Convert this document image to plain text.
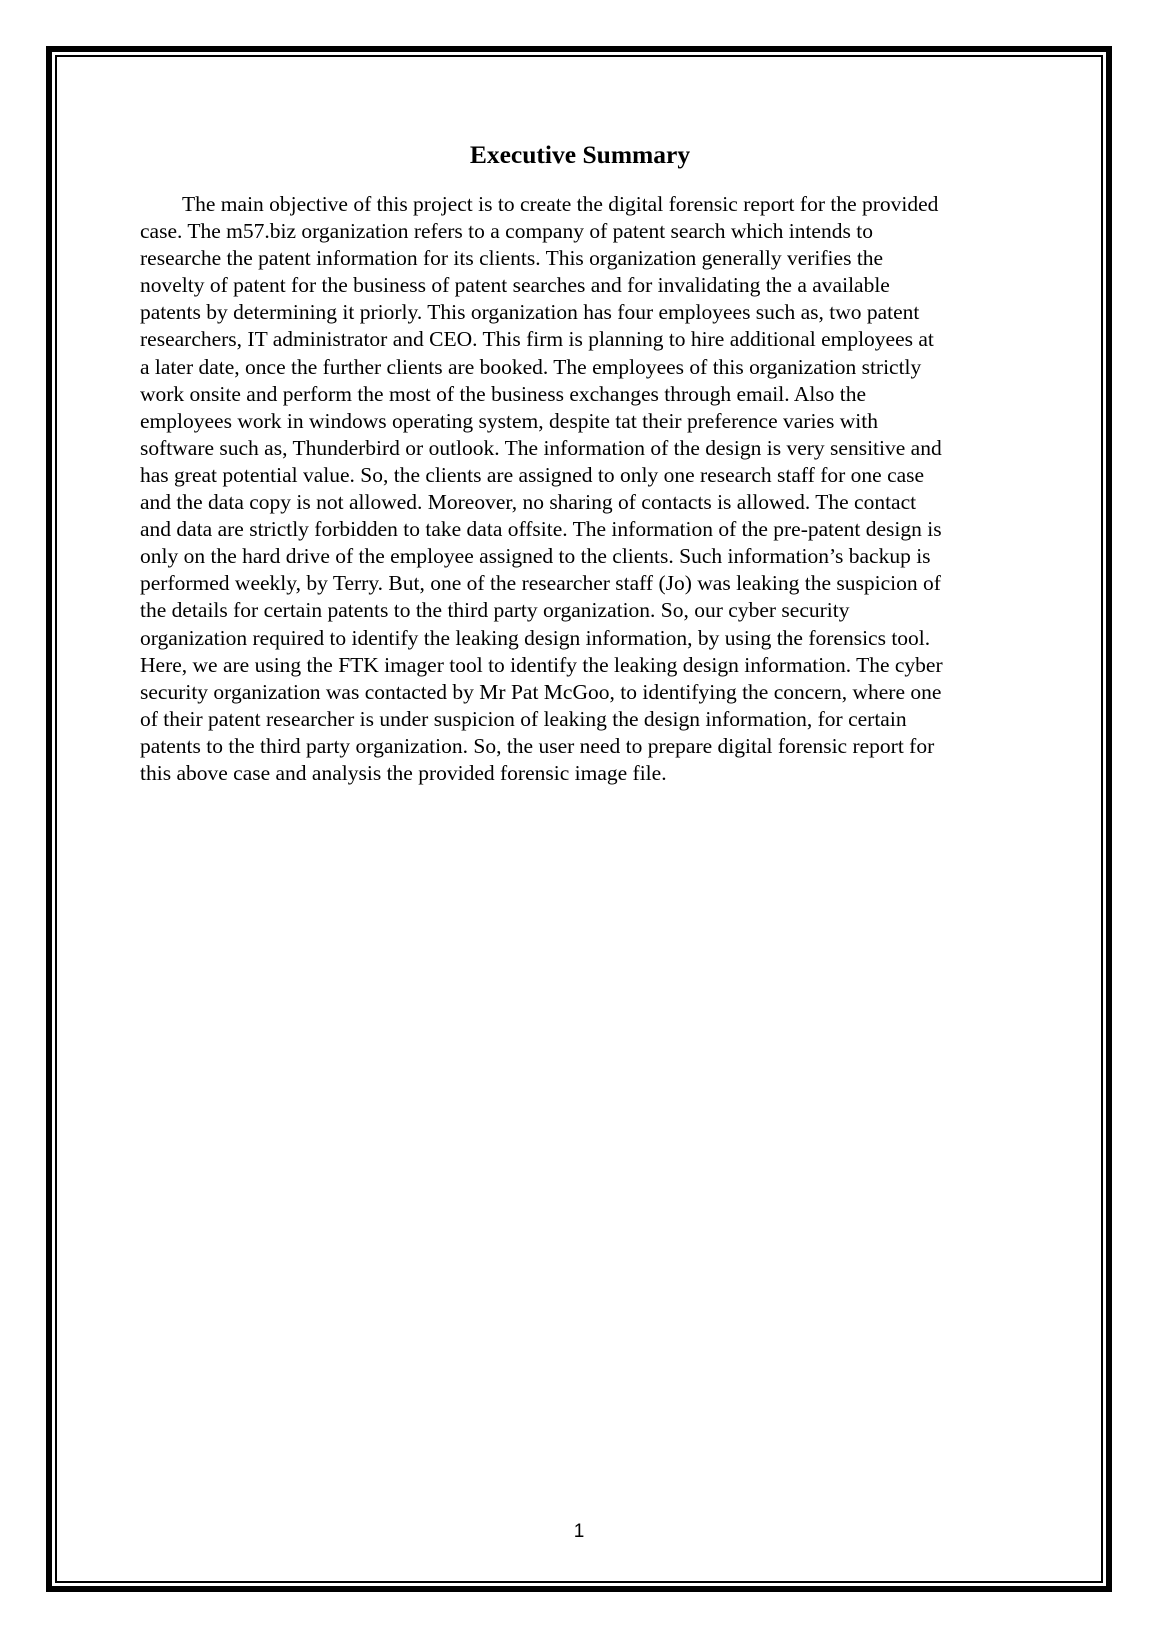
Executive Summary

The main objective of this project is to create the digital forensic report for the provided
case. The m57.biz organization refers to a company of patent search which intends to
researche the patent information for its clients. This organization generally verifies the
novelty of patent for the business of patent searches and for invalidating the a available
patents by determining it priorly. This organization has four employees such as, two patent
researchers, IT administrator and CEO. This firm is planning to hire additional employees at
a later date, once the further clients are booked. The employees of this organization strictly
work onsite and perform the most of the business exchanges through email. Also the
employees work in windows operating system, despite tat their preference varies with
software such as, Thunderbird or outlook. The information of the design is very sensitive and
has great potential value. So, the clients are assigned to only one research staff for one case
and the data copy is not allowed. Moreover, no sharing of contacts is allowed. The contact
and data are strictly forbidden to take data offsite. The information of the pre-patent design is
only on the hard drive of the employee assigned to the clients. Such information’s backup is
performed weekly, by Terry. But, one of the researcher staff (Jo) was leaking the suspicion of
the details for certain patents to the third party organization. So, our cyber security
organization required to identify the leaking design information, by using the forensics tool.
Here, we are using the FTK imager tool to identify the leaking design information. The cyber
security organization was contacted by Mr Pat McGoo, to identifying the concern, where one
of their patent researcher is under suspicion of leaking the design information, for certain
patents to the third party organization. So, the user need to prepare digital forensic report for
this above case and analysis the provided forensic image file.

1
